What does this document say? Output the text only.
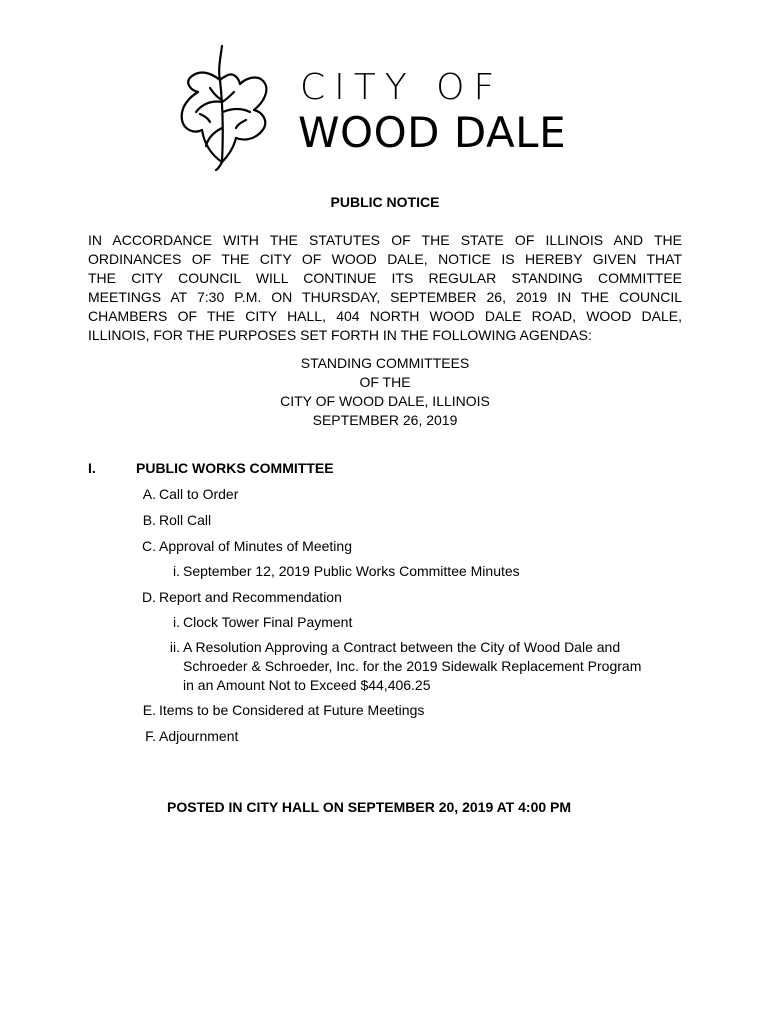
CITY OF
WOOD DALE
PUBLIC NOTICE
IN ACCORDANCE WITH THE STATUTES OF THE STATE OF ILLINOIS AND THE
ORDINANCES OF THE CITY OF WOOD DALE, NOTICE IS HEREBY GIVEN THAT
THE CITY COUNCIL WILL CONTINUE ITS REGULAR STANDING COMMITTEE
MEETINGS AT 7:30 P.M. ON THURSDAY, SEPTEMBER 26, 2019 IN THE COUNCIL
CHAMBERS OF THE CITY HALL, 404 NORTH WOOD DALE ROAD, WOOD DALE,
ILLINOIS, FOR THE PURPOSES SET FORTH IN THE FOLLOWING AGENDAS:
STANDING COMMITTEES
OF THE
CITY OF WOOD DALE, ILLINOIS
SEPTEMBER 26, 2019
I.	PUBLIC WORKS COMMITTEE
A. Call to Order
B. Roll Call
C. Approval of Minutes of Meeting
i. September 12, 2019 Public Works Committee Minutes
D. Report and Recommendation
i. Clock Tower Final Payment
ii. A Resolution Approving a Contract between the City of Wood Dale and
Schroeder & Schroeder, Inc. for the 2019 Sidewalk Replacement Program
in an Amount Not to Exceed $44,406.25
E. Items to be Considered at Future Meetings
F. Adjournment
POSTED IN CITY HALL ON SEPTEMBER 20, 2019 AT 4:00 PM
